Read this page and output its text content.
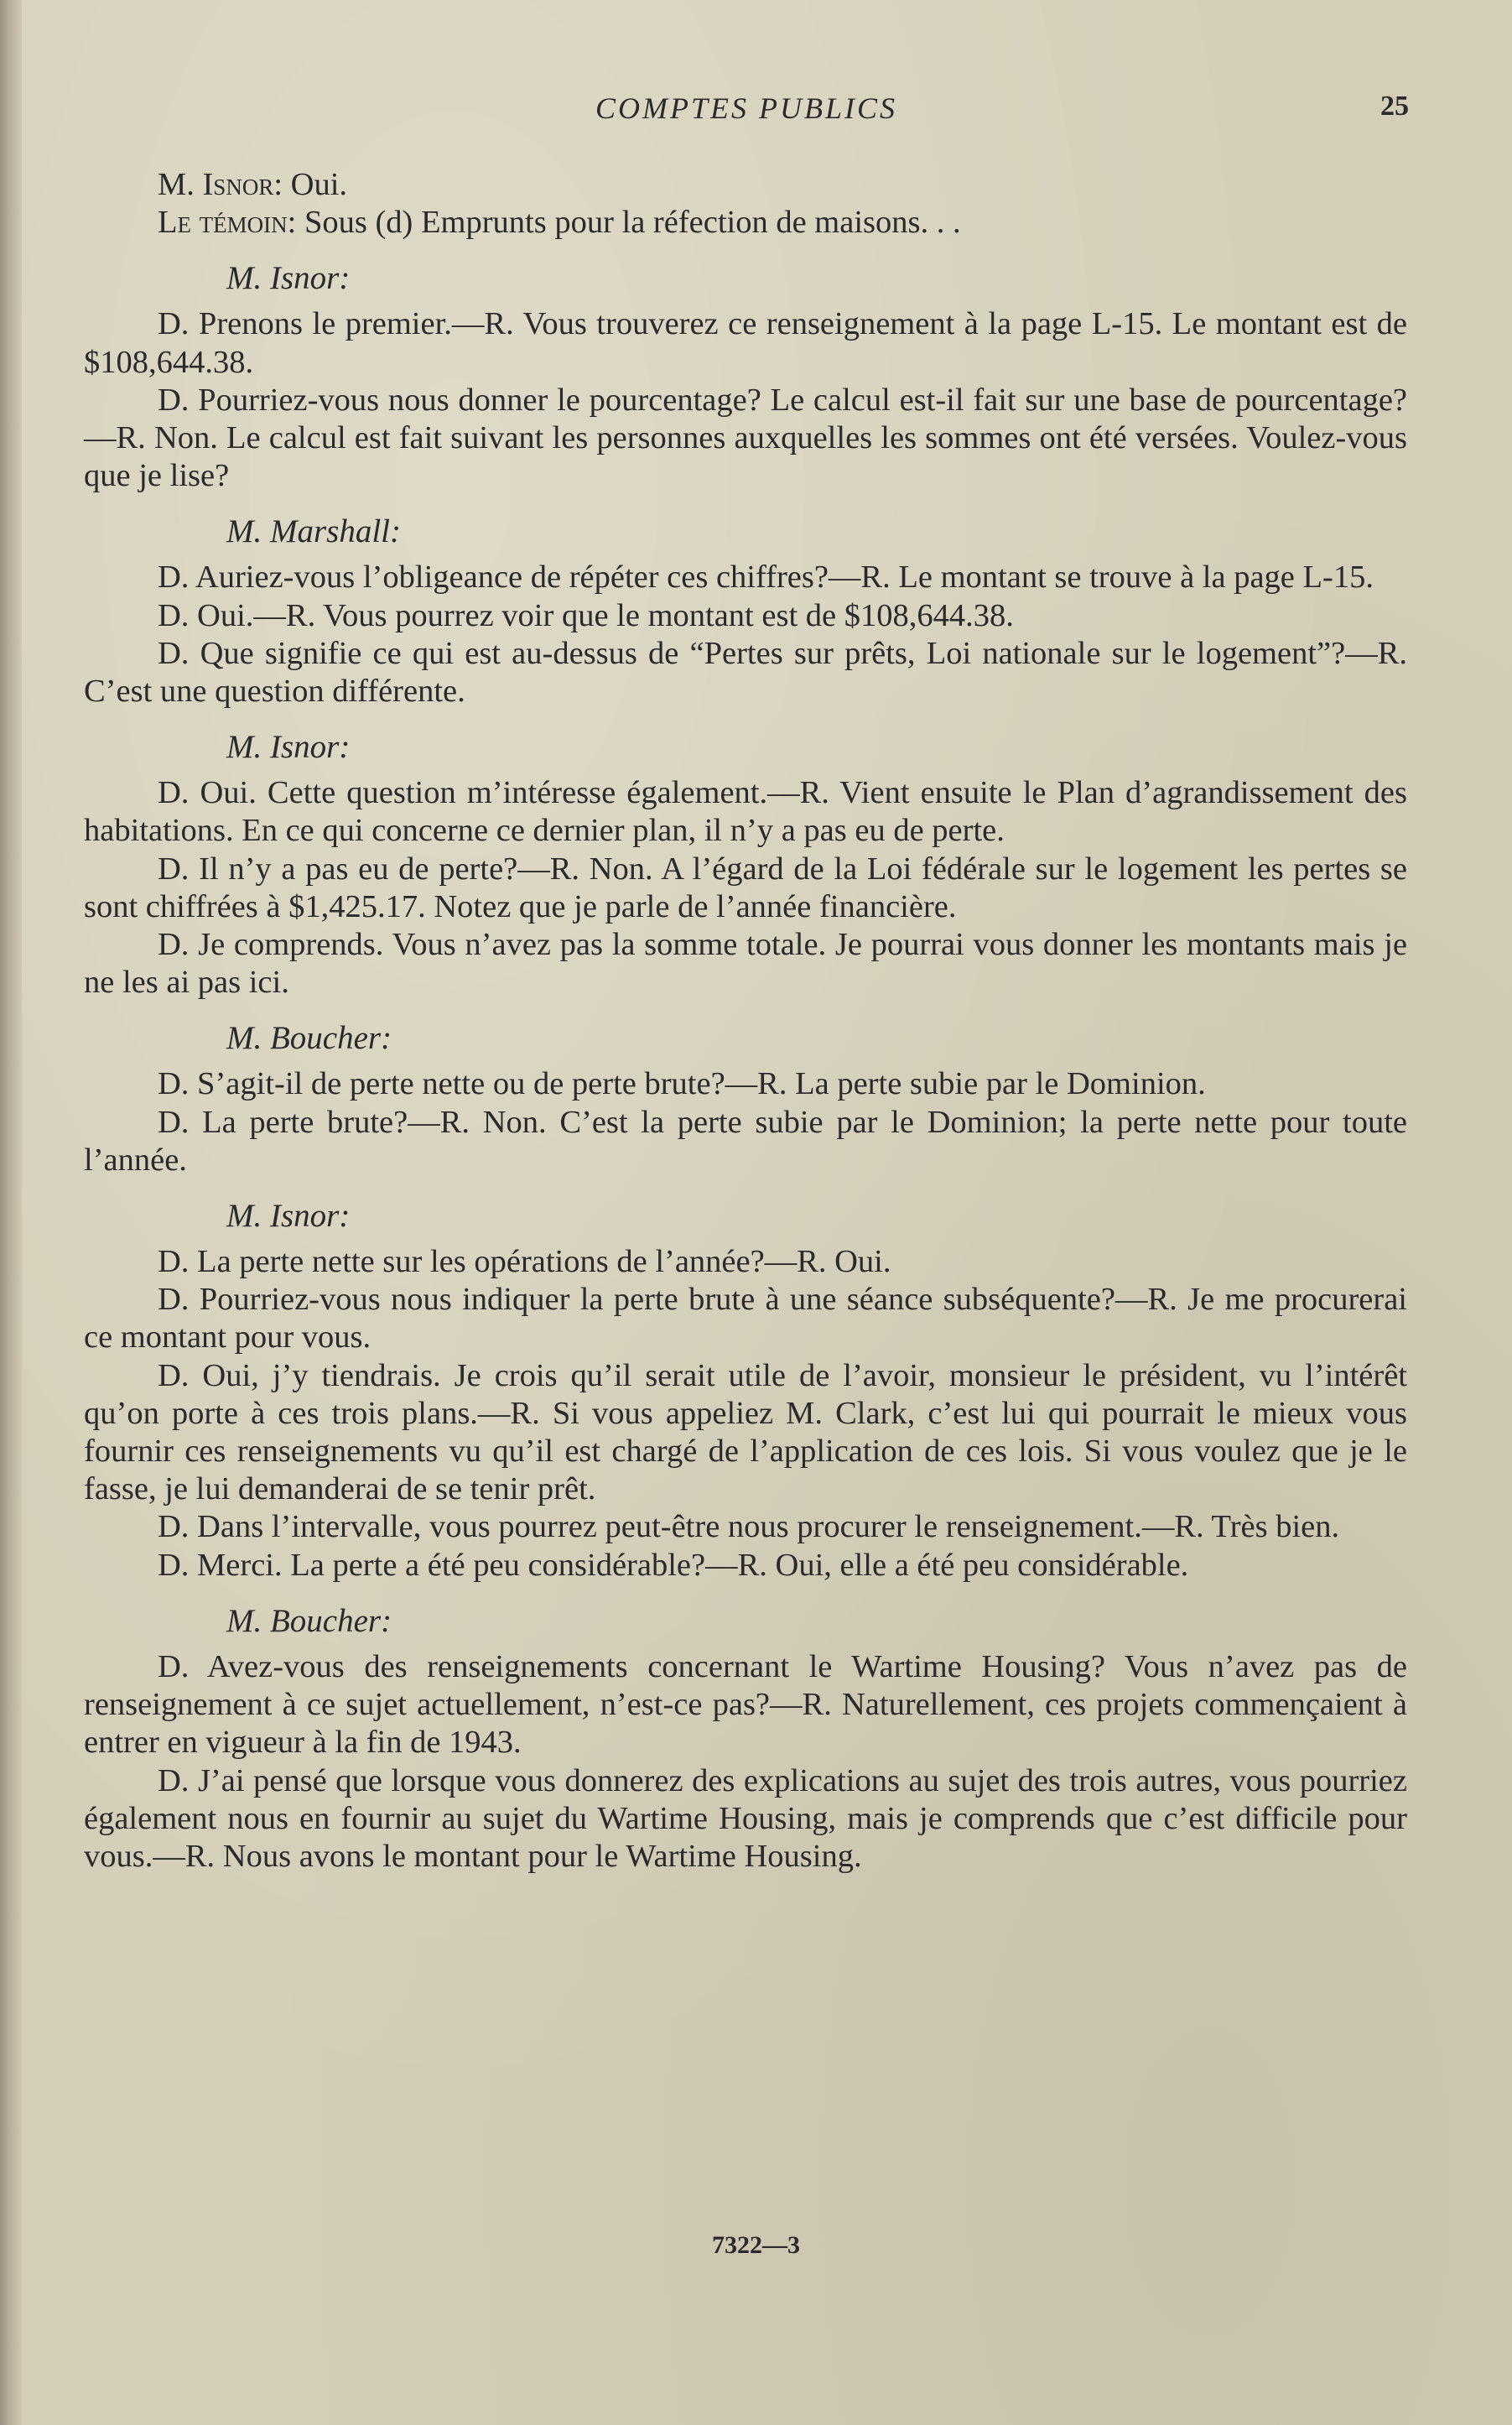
COMPTES PUBLICS	25

M. Isnor: Oui.

Le témoin: Sous (d) Emprunts pour la réfection de maisons. . .

M. Isnor:

D. Prenons le premier.—R. Vous trouverez ce renseignement à la page L-15. Le montant est de $108,644.38.

D. Pourriez-vous nous donner le pourcentage? Le calcul est-il fait sur une base de pourcentage?—R. Non. Le calcul est fait suivant les personnes auxquelles les sommes ont été versées. Voulez-vous que je lise?

M. Marshall:

D. Auriez-vous l’obligeance de répéter ces chiffres?—R. Le montant se trouve à la page L-15.

D. Oui.—R. Vous pourrez voir que le montant est de $108,644.38.

D. Que signifie ce qui est au-dessus de “Pertes sur prêts, Loi nationale sur le logement”?—R. C’est une question différente.

M. Isnor:

D. Oui. Cette question m’intéresse également.—R. Vient ensuite le Plan d’agrandissement des habitations. En ce qui concerne ce dernier plan, il n’y a pas eu de perte.

D. Il n’y a pas eu de perte?—R. Non. A l’égard de la Loi fédérale sur le logement les pertes se sont chiffrées à $1,425.17. Notez que je parle de l’année financière.

D. Je comprends. Vous n’avez pas la somme totale. Je pourrai vous donner les montants mais je ne les ai pas ici.

M. Boucher:

D. S’agit-il de perte nette ou de perte brute?—R. La perte subie par le Dominion.

D. La perte brute?—R. Non. C’est la perte subie par le Dominion; la perte nette pour toute l’année.

M. Isnor:

D. La perte nette sur les opérations de l’année?—R. Oui.

D. Pourriez-vous nous indiquer la perte brute à une séance subséquente?—R. Je me procurerai ce montant pour vous.

D. Oui, j’y tiendrais. Je crois qu’il serait utile de l’avoir, monsieur le président, vu l’intérêt qu’on porte à ces trois plans.—R. Si vous appeliez M. Clark, c’est lui qui pourrait le mieux vous fournir ces renseignements vu qu’il est chargé de l’application de ces lois. Si vous voulez que je le fasse, je lui demanderai de se tenir prêt.

D. Dans l’intervalle, vous pourrez peut-être nous procurer le renseignement.—R. Très bien.

D. Merci. La perte a été peu considérable?—R. Oui, elle a été peu considérable.

M. Boucher:

D. Avez-vous des renseignements concernant le Wartime Housing? Vous n’avez pas de renseignement à ce sujet actuellement, n’est-ce pas?—R. Naturellement, ces projets commençaient à entrer en vigueur à la fin de 1943.

D. J’ai pensé que lorsque vous donnerez des explications au sujet des trois autres, vous pourriez également nous en fournir au sujet du Wartime Housing, mais je comprends que c’est difficile pour vous.—R. Nous avons le montant pour le Wartime Housing.

7322—3
